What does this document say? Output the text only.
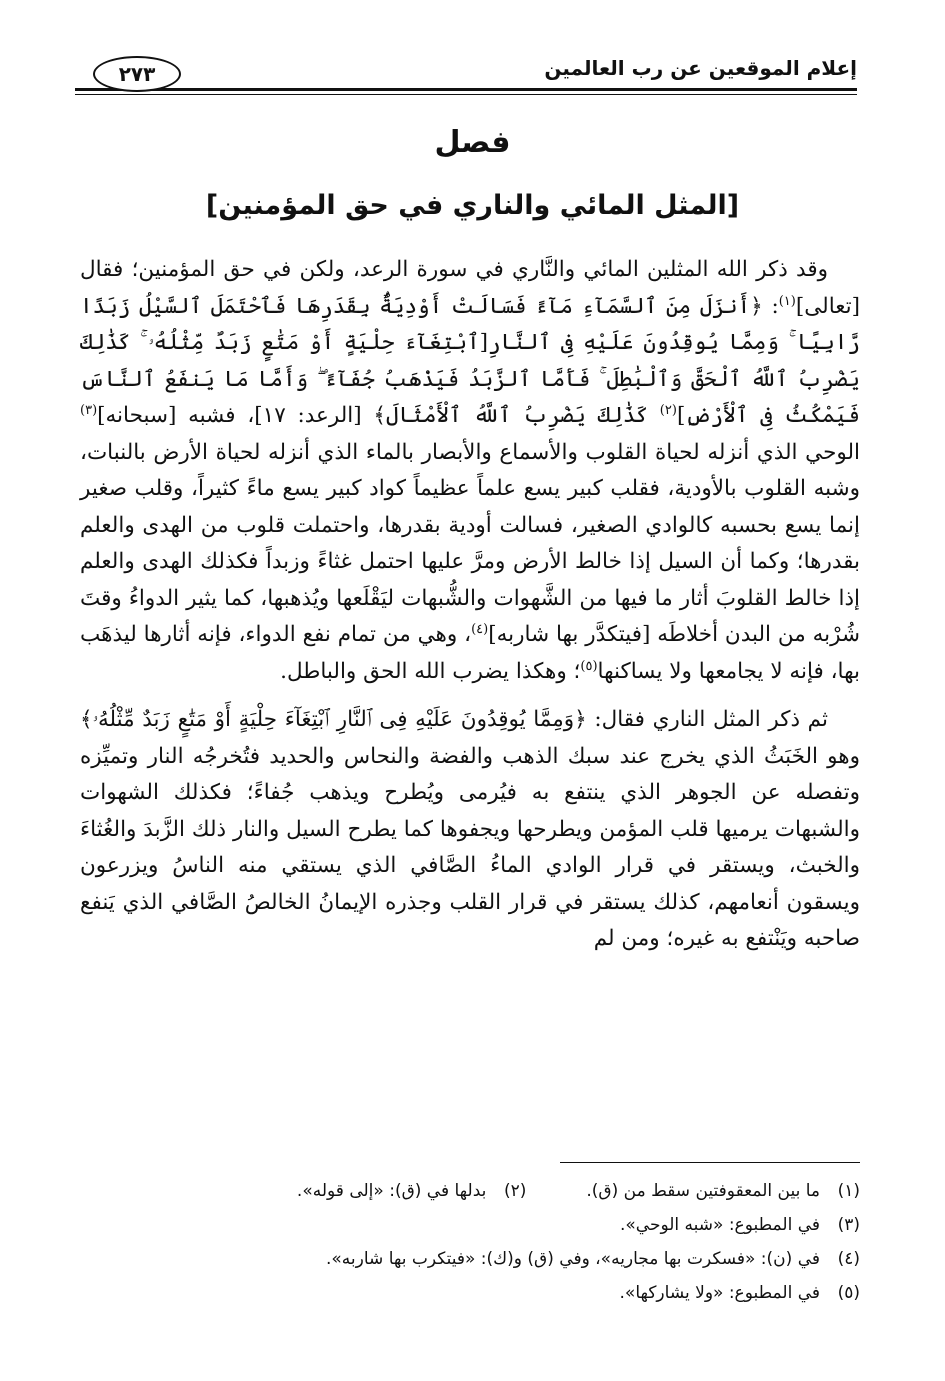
إعلام الموقعين عن رب العالمين
٢٧٣
فصل
[المثل المائي والناري في حق المؤمنين]

وقد ذكر الله المثلين المائي والنَّاري في سورة الرعد، ولكن في حق المؤمنين؛ فقال [تعالى]$^{(١)}$: ﴿أَنزَلَ مِنَ ٱلسَّمَآءِ مَآءً فَسَالَتْ أَوْدِيَةٌۢ بِقَدَرِهَا فَٱحْتَمَلَ ٱلسَّيْلُ زَبَدًا رَّابِيًا ۚ وَمِمَّا يُوقِدُونَ عَلَيْهِ فِى ٱلنَّارِ[ٱبْتِغَآءَ حِلْيَةٍ أَوْ مَتَٰعٍ زَبَدٌ مِّثْلُهُۥ ۚ كَذَٰلِكَ يَضْرِبُ ٱللَّهُ ٱلْحَقَّ وَٱلْبَٰطِلَ ۚ فَأَمَّا ٱلزَّبَدُ فَيَذْهَبُ جُفَآءً ۖ وَأَمَّا مَا يَنفَعُ ٱلنَّاسَ فَيَمْكُثُ فِى ٱلْأَرْضِ]$^{(٢)}$ كَذَٰلِكَ يَضْرِبُ ٱللَّهُ ٱلْأَمْثَالَ﴾ [الرعد: ١٧]، فشبه [سبحانه]$^{(٣)}$ الوحي الذي أنزله لحياة القلوب والأسماع والأبصار بالماء الذي أنزله لحياة الأرض بالنبات، وشبه القلوب بالأودية، فقلب كبير يسع علماً عظيماً كواد كبير يسع ماءً كثيراً، وقلب صغير إنما يسع بحسبه كالوادي الصغير، فسالت أودية بقدرها، واحتملت قلوب من الهدى والعلم بقدرها؛ وكما أن السيل إذا خالط الأرض ومرَّ عليها احتمل غثاءً وزبداً فكذلك الهدى والعلم إذا خالط القلوبَ أثار ما فيها من الشَّهوات والشُّبهات ليَقْلَعها ويُذهبها، كما يثير الدواءُ وقتَ شُرْبه من البدن أخلاطَه [فيتكدَّر بها شاربه]$^{(٤)}$، وهي من تمام نفع الدواء، فإنه أثارها ليذهَب بها، فإنه لا يجامعها ولا يساكنها$^{(٥)}$؛ وهكذا يضرب الله الحق والباطل.

ثم ذكر المثل الناري فقال: ﴿وَمِمَّا يُوقِدُونَ عَلَيْهِ فِى ٱلنَّارِ ٱبْتِغَآءَ حِلْيَةٍ أَوْ مَتَٰعٍ زَبَدٌ مِّثْلُهُۥ﴾ وهو الخَبَثُ الذي يخرج عند سبك الذهب والفضة والنحاس والحديد فتُخرجُه النار وتميِّزه وتفصله عن الجوهر الذي ينتفع به فيُرمى ويُطرح ويذهب جُفاءً؛ فكذلك الشهوات والشبهات يرميها قلب المؤمن ويطرحها ويجفوها كما يطرح السيل والنار ذلك الزَّبدَ والغُثاءَ والخبث، ويستقر في قرار الوادي الماءُ الصَّافي الذي يستقي منه الناسُ ويزرعون ويسقون أنعامهم، كذلك يستقر في قرار القلب وجذره الإيمانُ الخالصُ الصَّافي الذي يَنفع صاحبه ويَنْتفع به غيره؛ ومن لم

(١)
ما بين المعقوفتين سقط من (ق).
(٢)
بدلها في (ق): «إلى قوله».
(٣)
في المطبوع: «شبه الوحي».
(٤)
في (ن): «فسكرت بها مجاريه»، وفي (ق) و(ك): «فيتكرب بها شاربه».
(٥)
في المطبوع: «ولا يشاركها».
